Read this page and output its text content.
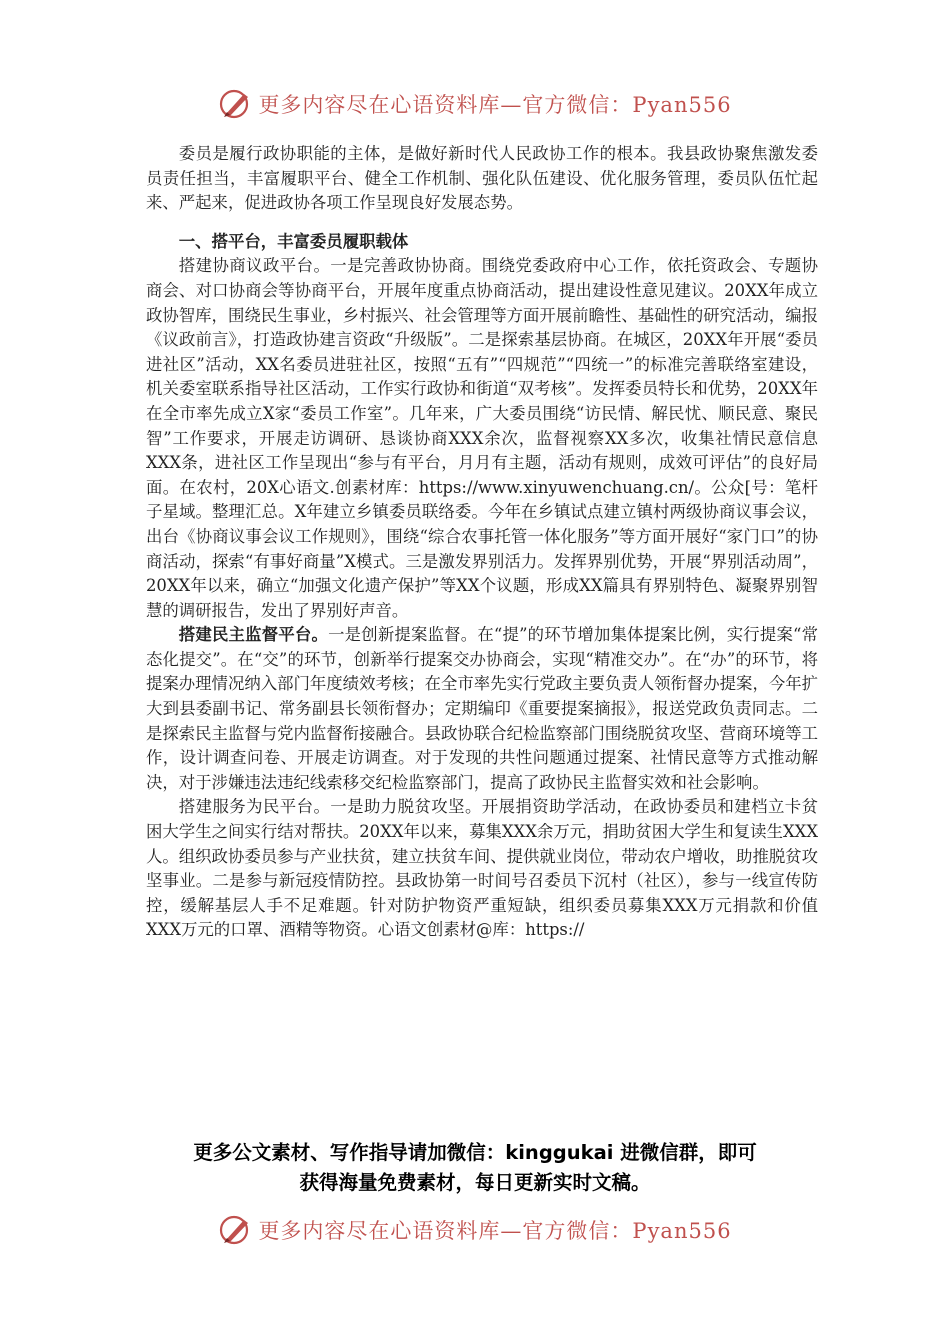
更多内容尽在心语资料库—官方微信：Pyan556

委员是履行政协职能的主体，是做好新时代人民政协工作的根本。我县政协聚焦激发委员责任担当，丰富履职平台、健全工作机制、强化队伍建设、优化服务管理，委员队伍忙起来、严起来，促进政协各项工作呈现良好发展态势。

一、搭平台，丰富委员履职载体

搭建协商议政平台。一是完善政协协商。围绕党委政府中心工作，依托资政会、专题协商会、对口协商会等协商平台，开展年度重点协商活动，提出建设性意见建议。20XX年成立政协智库，围绕民生事业，乡村振兴、社会管理等方面开展前瞻性、基础性的研究活动，编报《议政前言》，打造政协建言资政“升级版”。二是探索基层协商。在城区，20XX年开展“委员进社区”活动，XX名委员进驻社区，按照“五有”“四规范”“四统一”的标准完善联络室建设，机关委室联系指导社区活动，工作实行政协和街道“双考核”。发挥委员特长和优势，20XX年在全市率先成立X家“委员工作室”。几年来，广大委员围绕“访民情、解民忧、顺民意、聚民智”工作要求，开展走访调研、恳谈协商XXX余次，监督视察XX多次，收集社情民意信息XXX条，进社区工作呈现出“参与有平台，月月有主题，活动有规则，成效可评估”的良好局面。在农村，20X心语文.创素材库：https://www.xinyuwenchuang.cn/。公众[号：笔杆子星域。整理汇总。X年建立乡镇委员联络委。今年在乡镇试点建立镇村两级协商议事会议，出台《协商议事会议工作规则》，围绕“综合农事托管一体化服务”等方面开展好“家门口”的协商活动，探索“有事好商量”X模式。三是激发界别活力。发挥界别优势，开展“界别活动周”，20XX年以来，确立“加强文化遗产保护”等XX个议题，形成XX篇具有界别特色、凝聚界别智慧的调研报告，发出了界别好声音。

搭建民主监督平台。一是创新提案监督。在“提”的环节增加集体提案比例，实行提案“常态化提交”。在“交”的环节，创新举行提案交办协商会，实现“精准交办”。在“办”的环节，将提案办理情况纳入部门年度绩效考核；在全市率先实行党政主要负责人领衔督办提案，今年扩大到县委副书记、常务副县长领衔督办；定期编印《重要提案摘报》，报送党政负责同志。二是探索民主监督与党内监督衔接融合。县政协联合纪检监察部门围绕脱贫攻坚、营商环境等工作，设计调查问卷、开展走访调查。对于发现的共性问题通过提案、社情民意等方式推动解决，对于涉嫌违法违纪线索移交纪检监察部门，提高了政协民主监督实效和社会影响。

搭建服务为民平台。一是助力脱贫攻坚。开展捐资助学活动，在政协委员和建档立卡贫困大学生之间实行结对帮扶。20XX年以来，募集XXX余万元，捐助贫困大学生和复读生XXX人。组织政协委员参与产业扶贫，建立扶贫车间、提供就业岗位，带动农户增收，助推脱贫攻坚事业。二是参与新冠疫情防控。县政协第一时间号召委员下沉村（社区），参与一线宣传防控，缓解基层人手不足难题。针对防护物资严重短缺，组织委员募集XXX万元捐款和价值XXX万元的口罩、酒精等物资。心语文创素材@库：https://

更多公文素材、写作指导请加微信：kinggukai 进微信群，即可
获得海量免费素材，每日更新实时文稿。
更多内容尽在心语资料库—官方微信：Pyan556
